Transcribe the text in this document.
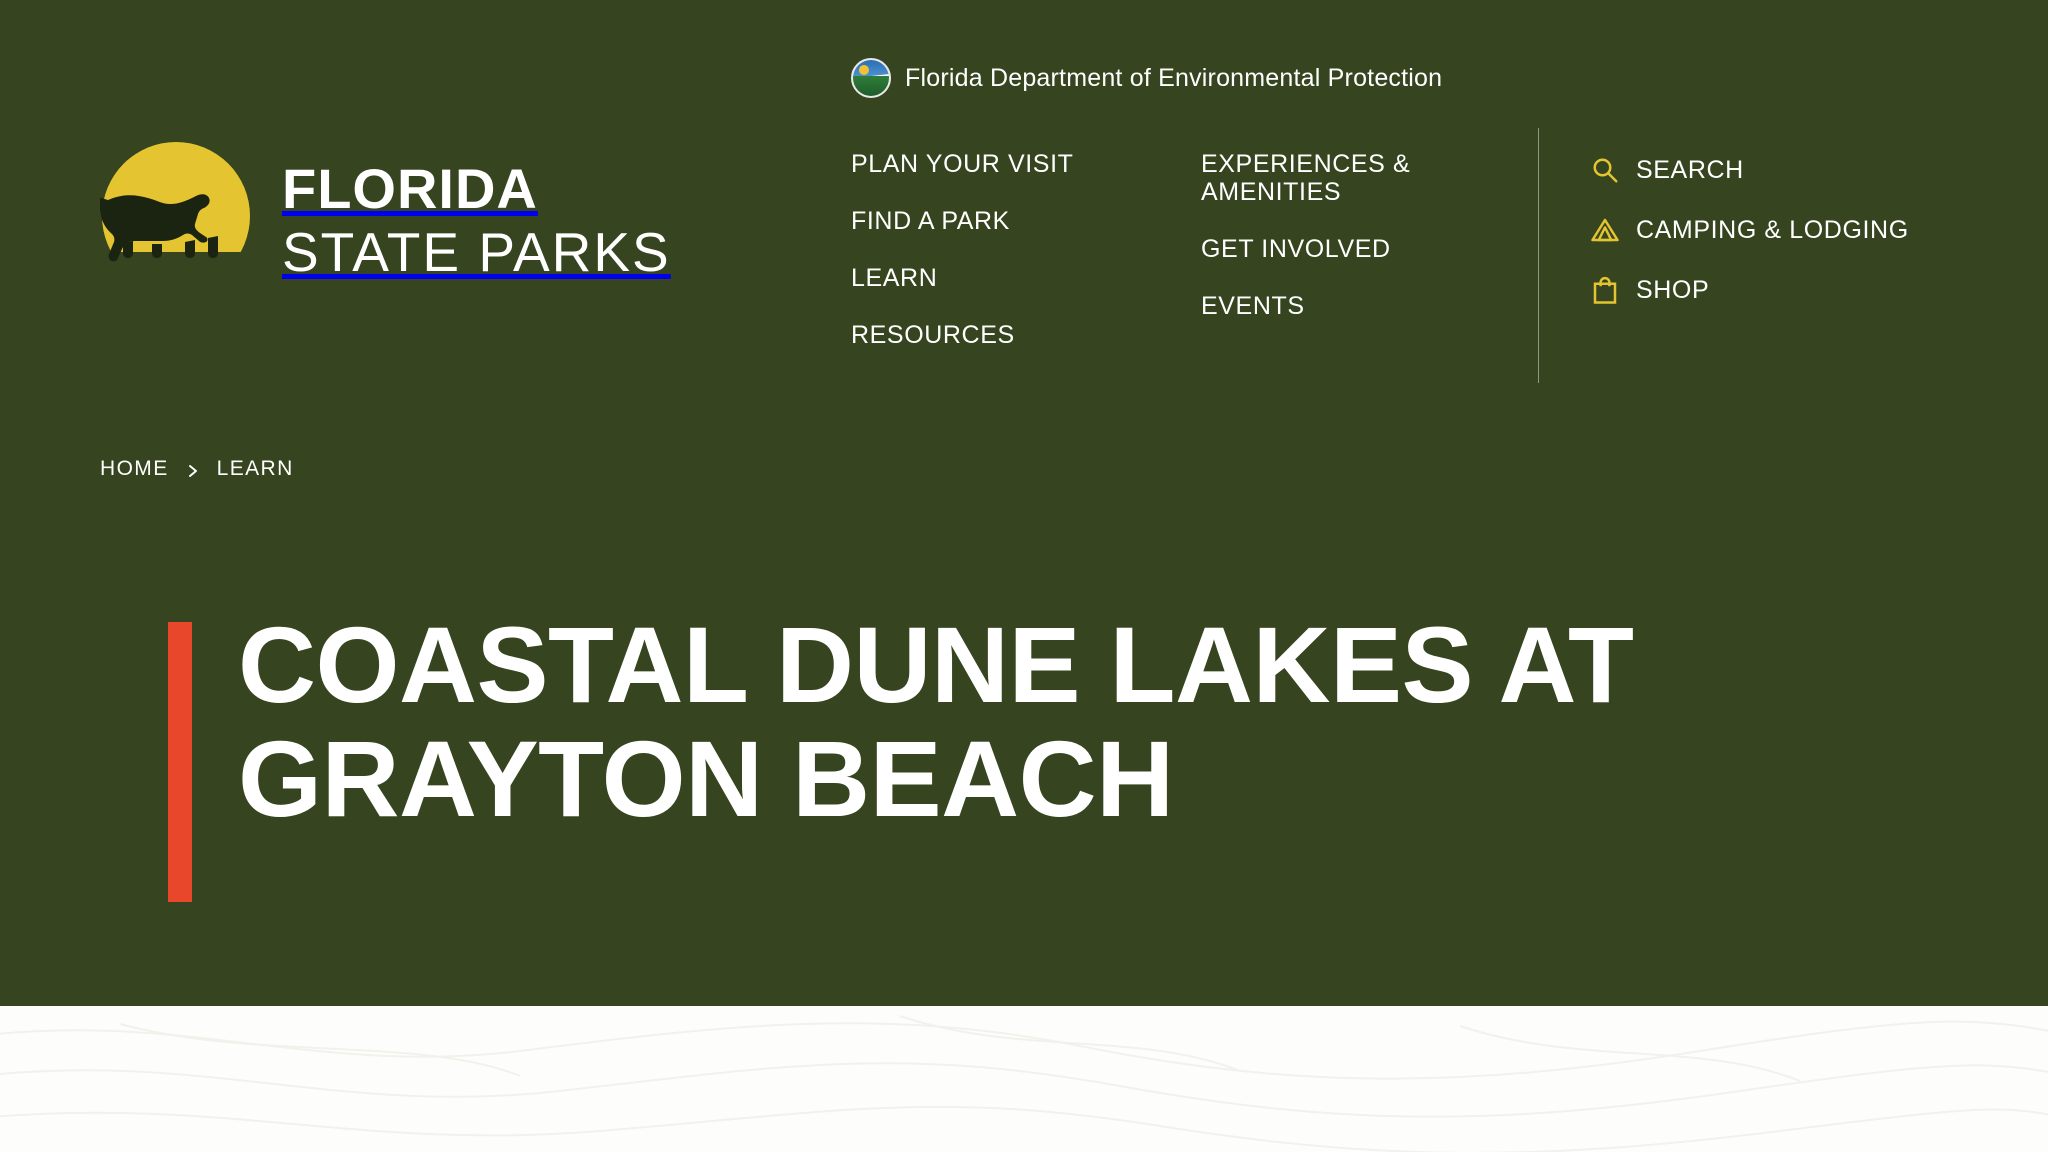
Florida Department of Environmental Protection
FLORIDA
STATE PARKS
PLAN YOUR VISIT
FIND A PARK
LEARN
RESOURCES
EXPERIENCES & AMENITIES
GET INVOLVED
EVENTS
SEARCH
CAMPING & LODGING
SHOP
HOME LEARN
COASTAL DUNE LAKES AT GRAYTON BEACH
